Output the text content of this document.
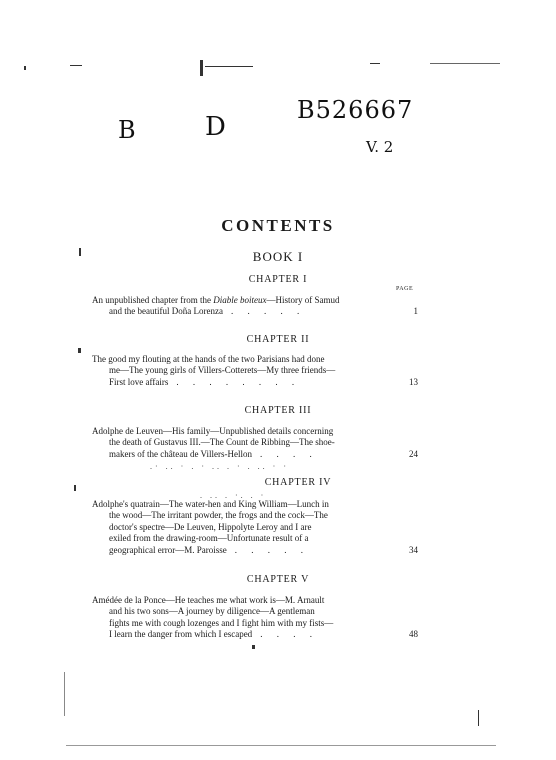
B	D
B526667
V. 2
CONTENTS
BOOK I
PAGE
CHAPTER I
An unpublished chapter from the Diable boiteux—History of Samud
and the beautiful Doña Lorenza . . . . .	1
CHAPTER II
The good my flouting at the hands of the two Parisians had done
me—The young girls of Villers-Cotterets—My three friends—
First love affairs . . . . . . . .	13
CHAPTER III
Adolphe de Leuven—His family—Unpublished details concerning
the death of Gustavus III.—The Count de Ribbing—The shoe-
makers of the château de Villers-Hellon . . . .	24
.· .. · . · .. . · . .. · ·
. .. . ·. . ·
CHAPTER IV
Adolphe's quatrain—The water-hen and King William—Lunch in
the wood—The irritant powder, the frogs and the cock—The
doctor's spectre—De Leuven, Hippolyte Leroy and I are
exiled from the drawing-room—Unfortunate result of a
geographical error—M. Paroisse . . . . .	34
CHAPTER V
Amédée de la Ponce—He teaches me what work is—M. Arnault
and his two sons—A journey by diligence—A gentleman
fights me with cough lozenges and I fight him with my fists—
I learn the danger from which I escaped . . . .	48
